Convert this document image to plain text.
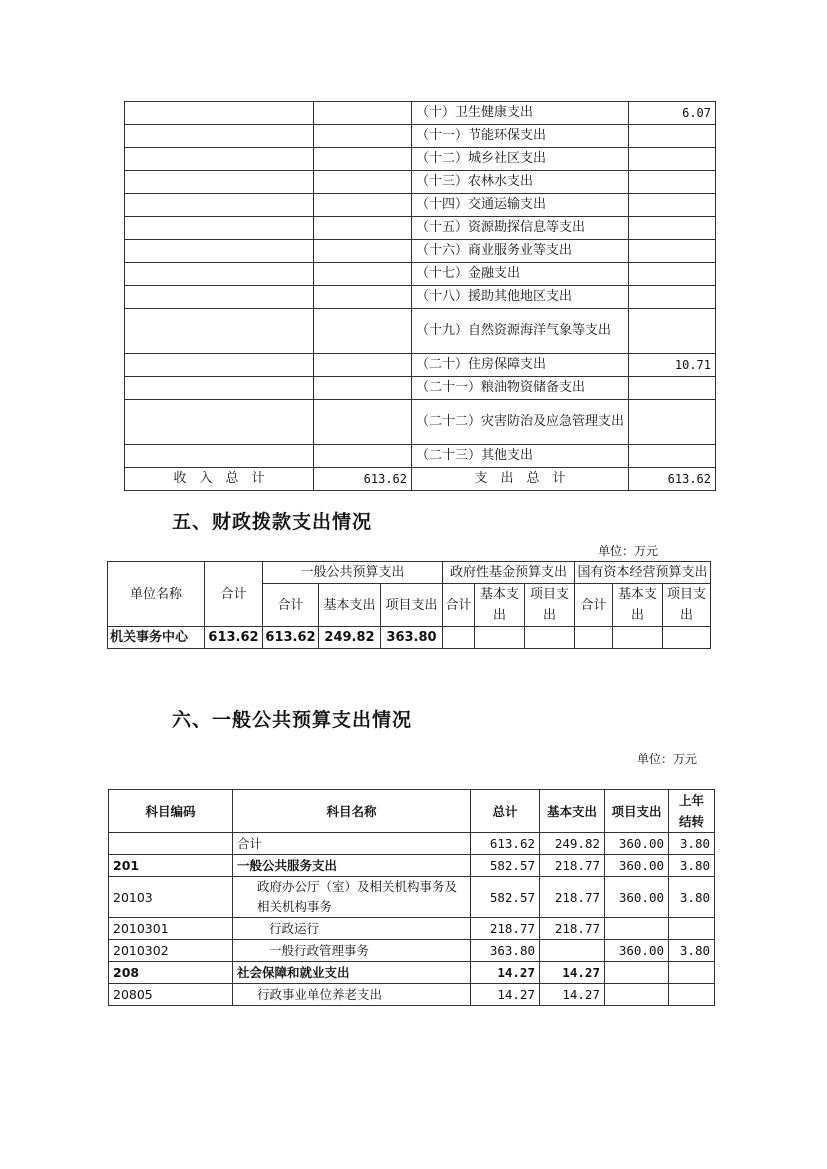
		（十）卫生健康支出	6.07
		（十一）节能环保支出	
		（十二）城乡社区支出	
		（十三）农林水支出	
		（十四）交通运输支出	
		（十五）资源勘探信息等支出	
		（十六）商业服务业等支出	
		（十七）金融支出	
		（十八）援助其他地区支出	
		（十九）自然资源海洋气象等支出	
		（二十）住房保障支出	10.71
		（二十一）粮油物资储备支出	
		（二十二）灾害防治及应急管理支出	
		（二十三）其他支出	
收　入　总　计	613.62	支　出　总　计	613.62
五、财政拨款支出情况
单位：万元
单位名称	合计	一般公共预算支出			政府性基金预算支出			国有资本经营预算支出		
		合计	基本支出	项目支出	合计	基本支出	项目支出	合计	基本支出	项目支出
机关事务中心	613.62	613.62	249.82	363.80						
六、一般公共预算支出情况
单位：万元
科目编码	科目名称	总计	基本支出	项目支出	上年结转
	合计	613.62	249.82	360.00	3.80
201	一般公共服务支出	582.57	218.77	360.00	3.80
20103	政府办公厅（室）及相关机构事务及相关机构事务	582.57	218.77	360.00	3.80
2010301	行政运行	218.77	218.77		
2010302	一般行政管理事务	363.80		360.00	3.80
208	社会保障和就业支出	14.27	14.27		
20805	行政事业单位养老支出	14.27	14.27		
